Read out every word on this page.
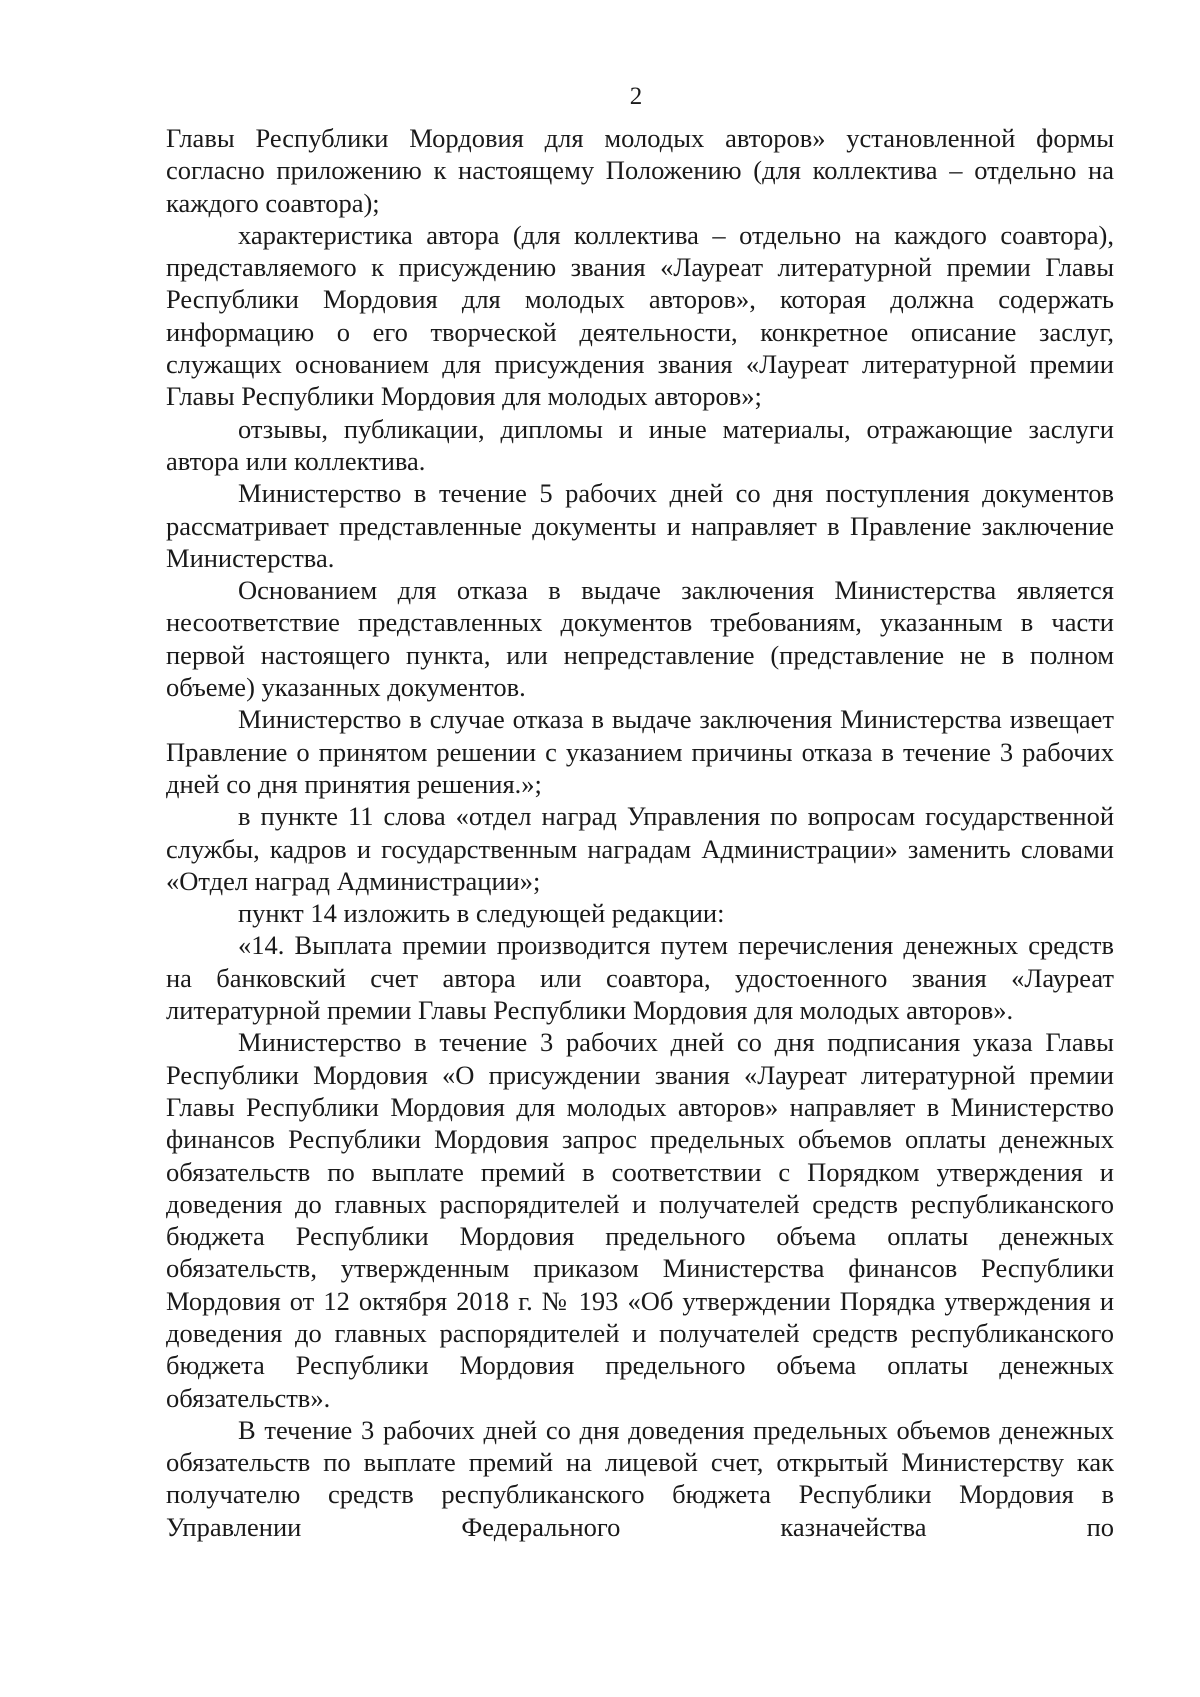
2

Главы Республики Мордовия для молодых авторов» установленной формы согласно приложению к настоящему Положению (для коллектива – отдельно на каждого соавтора);

характеристика автора (для коллектива – отдельно на каждого соавтора), представляемого к присуждению звания «Лауреат литературной премии Главы Республики Мордовия для молодых авторов», которая должна содержать информацию о его творческой деятельности, конкретное описание заслуг, служащих основанием для присуждения звания «Лауреат литературной премии Главы Республики Мордовия для молодых авторов»;

отзывы, публикации, дипломы и иные материалы, отражающие заслуги автора или коллектива.

Министерство в течение 5 рабочих дней со дня поступления документов рассматривает представленные документы и направляет в Правление заключение Министерства.

Основанием для отказа в выдаче заключения Министерства является несоответствие представленных документов требованиям, указанным в части первой настоящего пункта, или непредставление (представление не в полном объеме) указанных документов.

Министерство в случае отказа в выдаче заключения Министерства извещает Правление о принятом решении с указанием причины отказа в течение 3 рабочих дней со дня принятия решения.»;

в пункте 11 слова «отдел наград Управления по вопросам государственной службы, кадров и государственным наградам Администрации» заменить словами «Отдел наград Администрации»;

пункт 14 изложить в следующей редакции:

«14. Выплата премии производится путем перечисления денежных средств на банковский счет автора или соавтора, удостоенного звания «Лауреат литературной премии Главы Республики Мордовия для молодых авторов».

Министерство в течение 3 рабочих дней со дня подписания указа Главы Республики Мордовия «О присуждении звания «Лауреат литературной премии Главы Республики Мордовия для молодых авторов» направляет в Министерство финансов Республики Мордовия запрос предельных объемов оплаты денежных обязательств по выплате премий в соответствии с Порядком утверждения и доведения до главных распорядителей и получателей средств республиканского бюджета Республики Мордовия предельного объема оплаты денежных обязательств, утвержденным приказом Министерства финансов Республики Мордовия от 12 октября 2018 г. № 193 «Об утверждении Порядка утверждения и доведения до главных распорядителей и получателей средств республиканского бюджета Республики Мордовия предельного объема оплаты денежных обязательств».

В течение 3 рабочих дней со дня доведения предельных объемов денежных обязательств по выплате премий на лицевой счет, открытый Министерству как получателю средств республиканского бюджета Республики Мордовия в Управлении Федерального казначейства по
